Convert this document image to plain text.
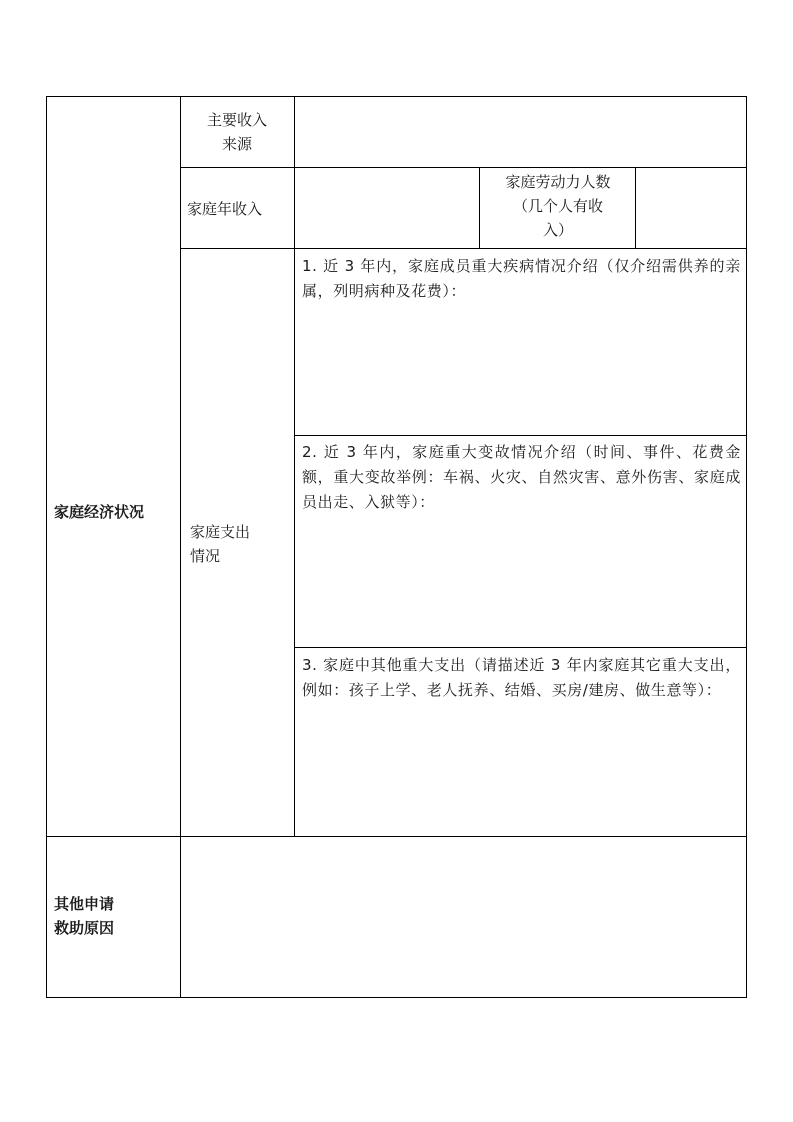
家庭经济状况
主要收入
来源
家庭年收入
家庭劳动力人数
（几个人有收
入）
家庭支出
情况
1. 近 3 年内，家庭成员重大疾病情况介绍（仅介绍需供养的亲属，列明病种及花费）：
2. 近 3 年内，家庭重大变故情况介绍（时间、事件、花费金额，重大变故举例：车祸、火灾、自然灾害、意外伤害、家庭成员出走、入狱等）：
3. 家庭中其他重大支出（请描述近 3 年内家庭其它重大支出，例如：孩子上学、老人抚养、结婚、买房/建房、做生意等）：
其他申请
救助原因
